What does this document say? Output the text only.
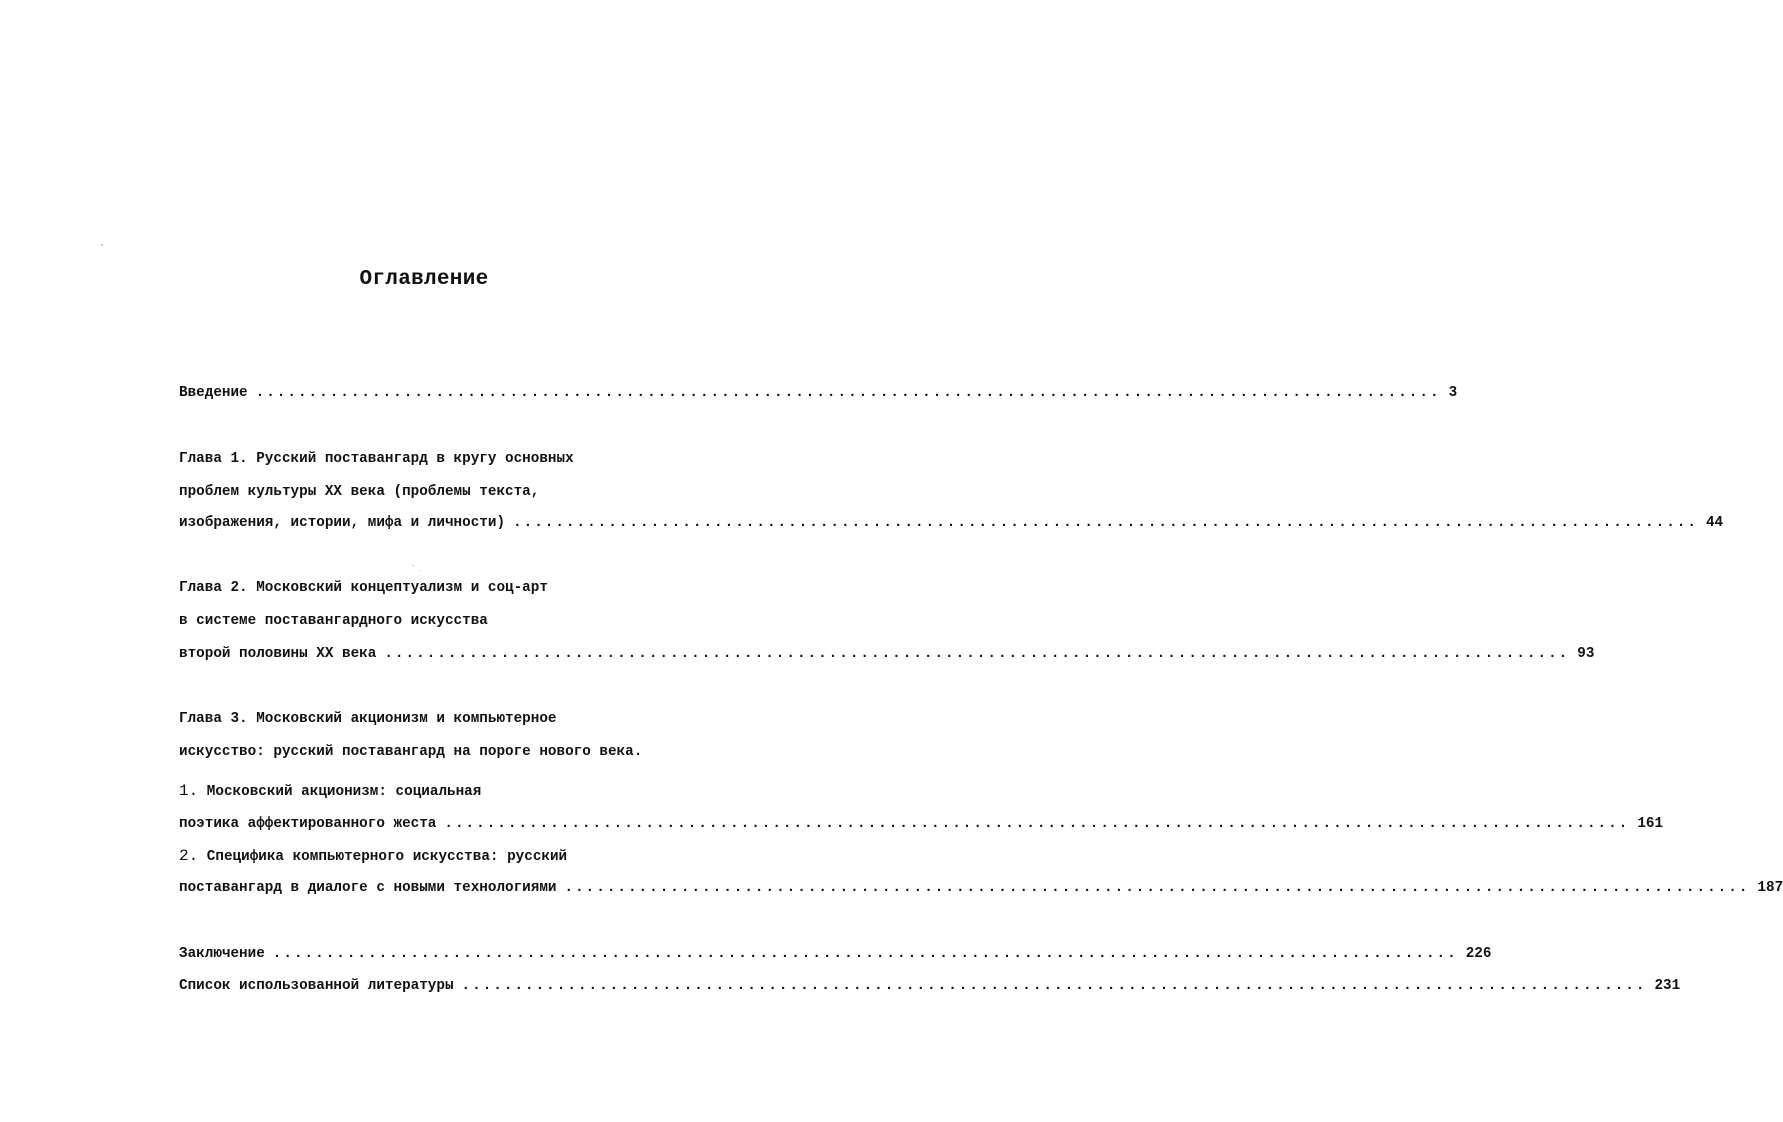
Оглавление
Введение ................................................................................................................ 3
Глава 1. Русский поставангард в кругу основных
проблем культуры XX века (проблемы текста,
изображения, истории, мифа и личности) ................................................................................................................ 44
Глава 2. Московский концептуализм и соц-арт
в системе поставангардного искусства
второй половины XX века ................................................................................................................ 93
Глава 3. Московский акционизм и компьютерное
искусство: русский поставангард на пороге нового века.
1. Московский акционизм: социальная
поэтика аффектированного жеста ................................................................................................................ 161
2. Специфика компьютерного искусства: русский
поставангард в диалоге с новыми технологиями ................................................................................................................ 187
Заключение ................................................................................................................ 226
Список использованной литературы ................................................................................................................ 231
